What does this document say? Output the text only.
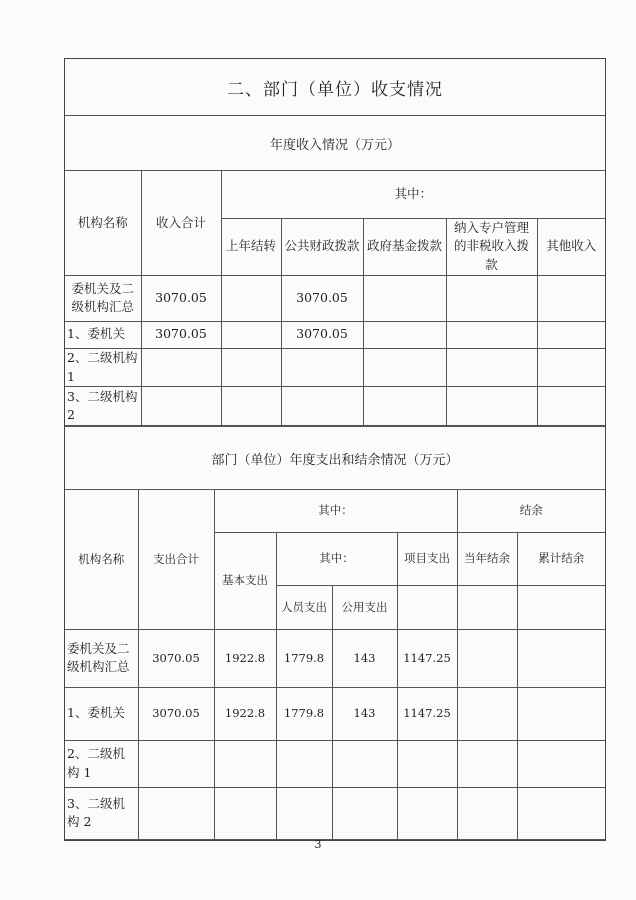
二、部门（单位）收支情况
年度收入情况（万元）
机构名称	收入合计	其中：				
		上年结转	公共财政拨款	政府基金拨款	纳入专户管理的非税收入拨款	其他收入
委机关及二级机构汇总	3070.05		3070.05			
1、委机关	3070.05		3070.05			
2、二级机构 1						
3、二级机构 2						
部门（单位）年度支出和结余情况（万元）
机构名称	支出合计	其中：				结余	
		基本支出	其中：		项目支出	当年结余	累计结余
			人员支出	公用支出			
委机关及二级机构汇总	3070.05	1922.8	1779.8	143	1147.25		
1、委机关	3070.05	1922.8	1779.8	143	1147.25		
2、二级机构 1							
3、二级机构 2							
3
